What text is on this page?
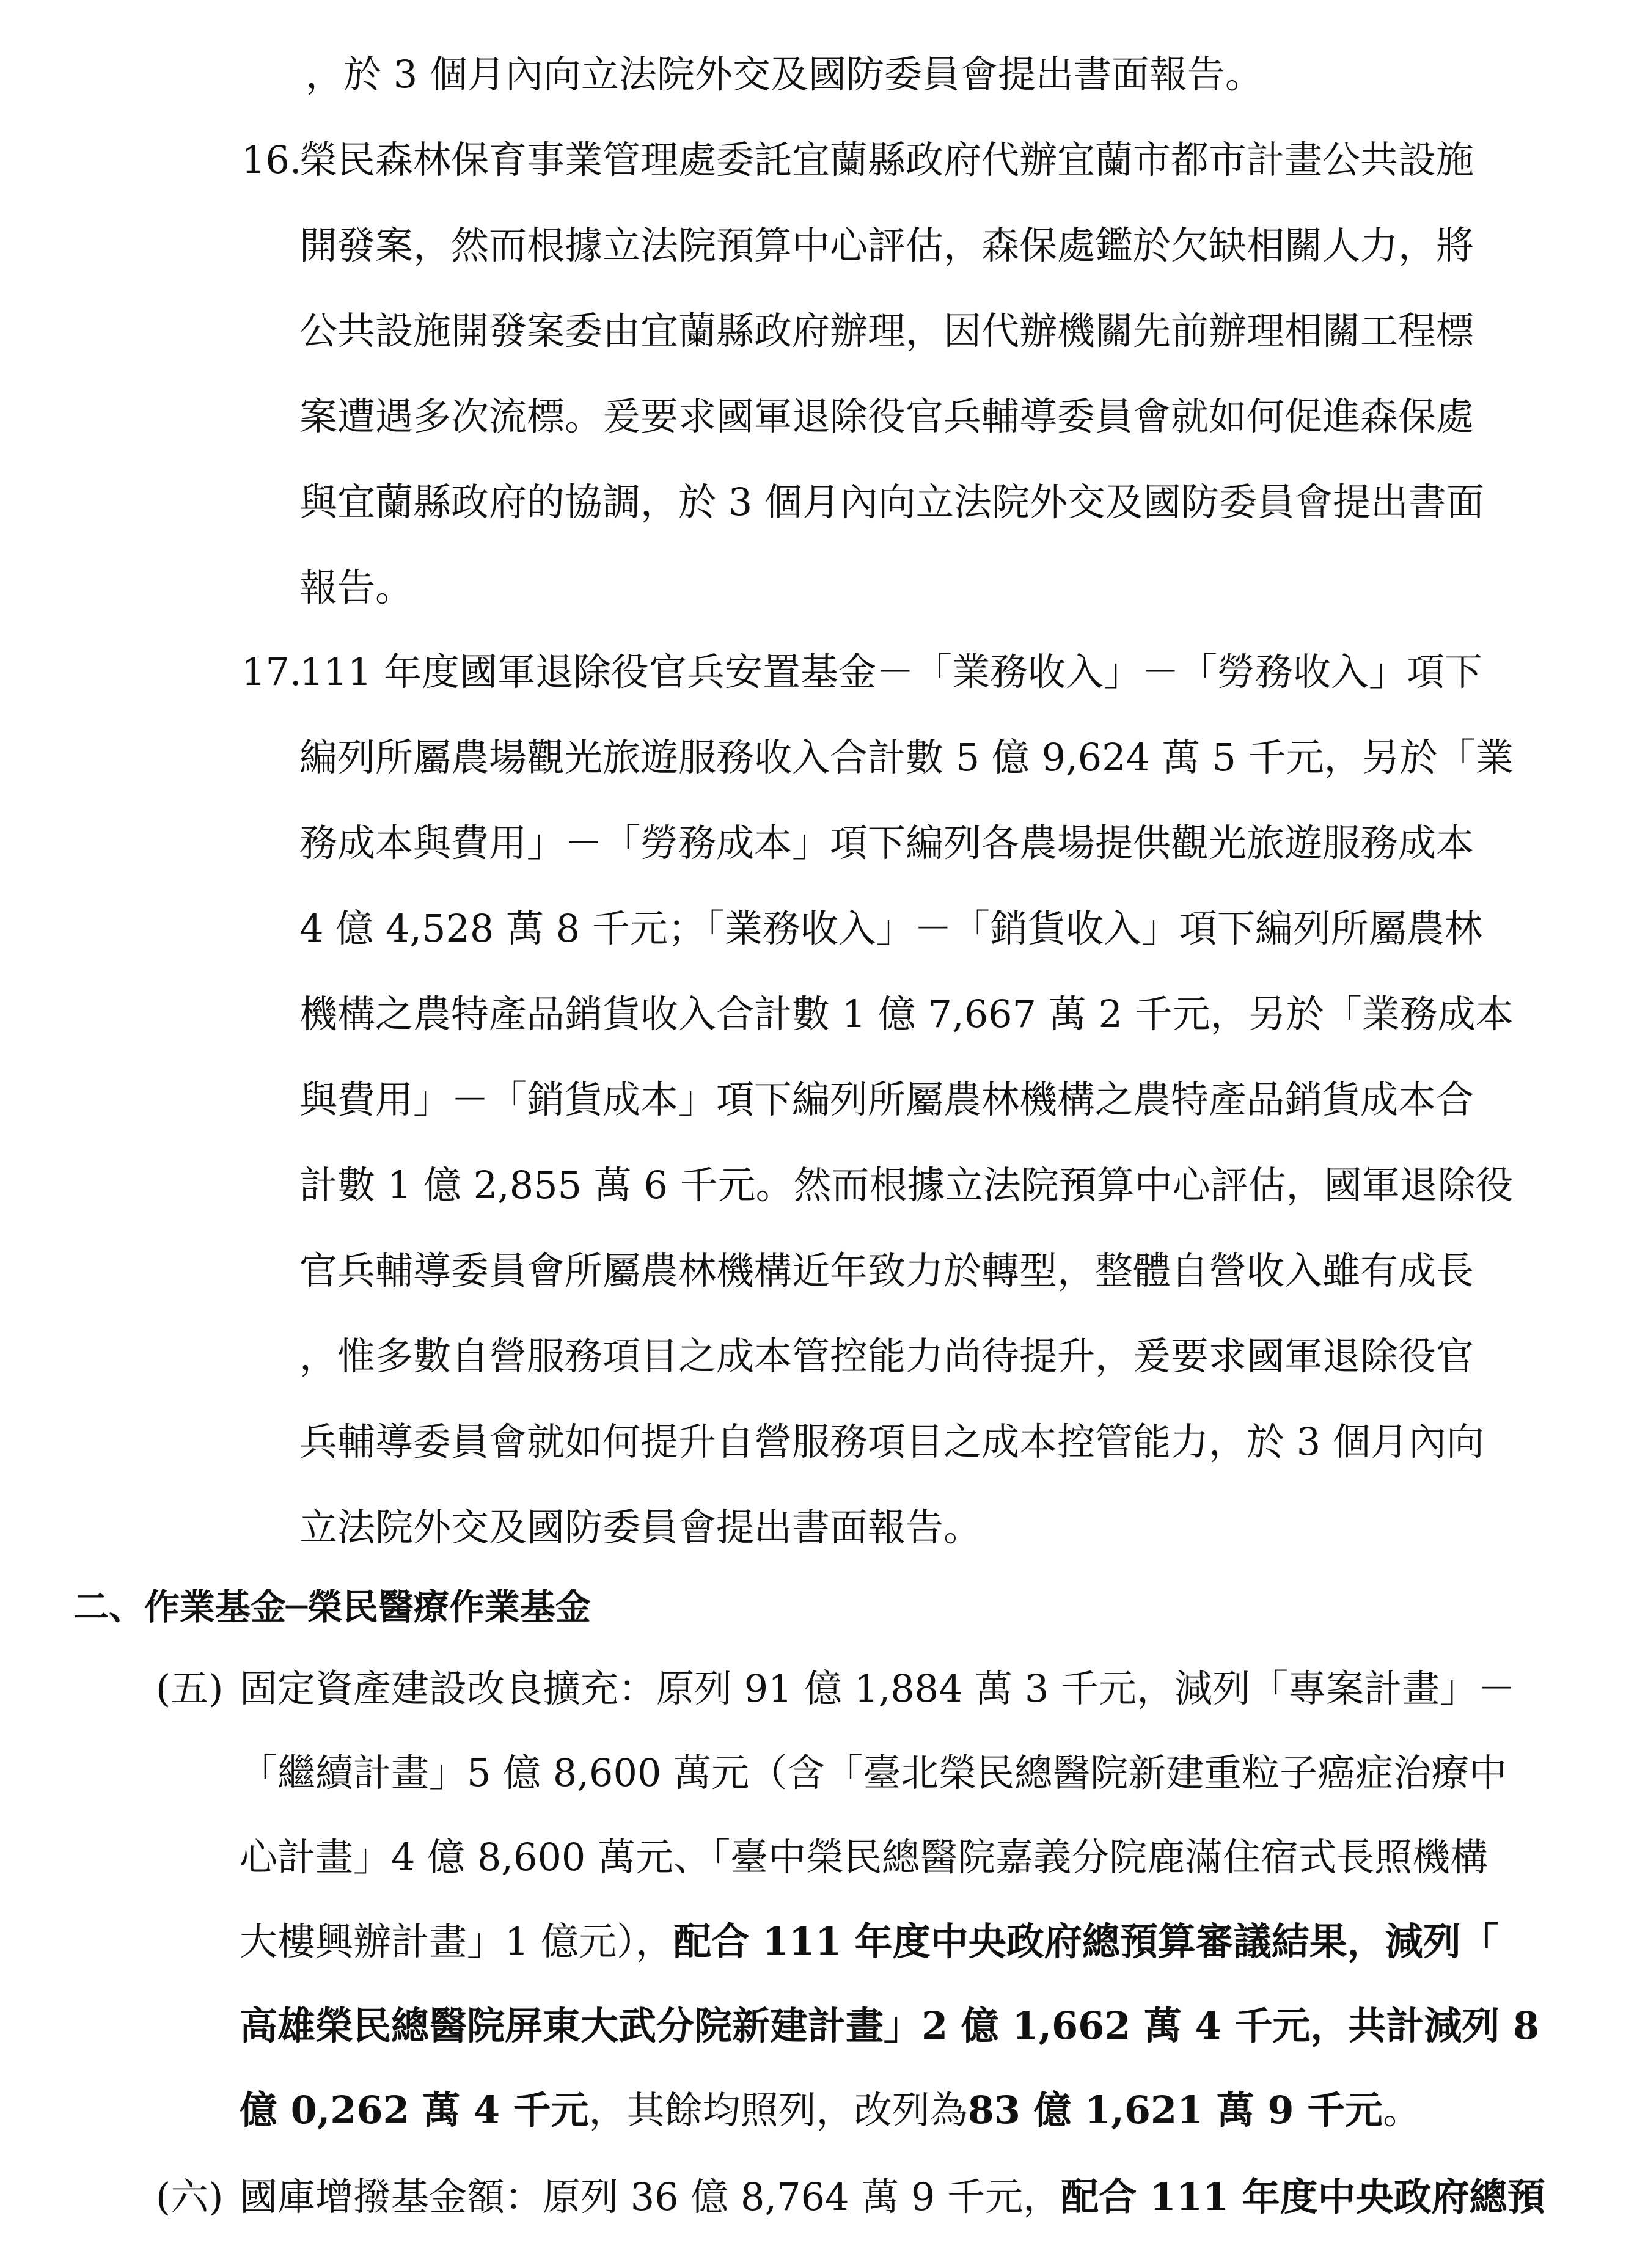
，於 3 個月內向立法院外交及國防委員會提出書面報告。
16.
榮民森林保育事業管理處委託宜蘭縣政府代辦宜蘭市都市計畫公共設施
開發案，然而根據立法院預算中心評估，森保處鑑於欠缺相關人力，將
公共設施開發案委由宜蘭縣政府辦理，因代辦機關先前辦理相關工程標
案遭遇多次流標。爰要求國軍退除役官兵輔導委員會就如何促進森保處
與宜蘭縣政府的協調，於 3 個月內向立法院外交及國防委員會提出書面
報告。
17.
111 年度國軍退除役官兵安置基金－「業務收入」－「勞務收入」項下
編列所屬農場觀光旅遊服務收入合計數 5 億 9,624 萬 5 千元，另於「業
務成本與費用」－「勞務成本」項下編列各農場提供觀光旅遊服務成本
4 億 4,528 萬 8 千元；「業務收入」－「銷貨收入」項下編列所屬農林
機構之農特產品銷貨收入合計數 1 億 7,667 萬 2 千元，另於「業務成本
與費用」－「銷貨成本」項下編列所屬農林機構之農特產品銷貨成本合
計數 1 億 2,855 萬 6 千元。然而根據立法院預算中心評估，國軍退除役
官兵輔導委員會所屬農林機構近年致力於轉型，整體自營收入雖有成長
，惟多數自營服務項目之成本管控能力尚待提升，爰要求國軍退除役官
兵輔導委員會就如何提升自營服務項目之成本控管能力，於 3 個月內向
立法院外交及國防委員會提出書面報告。
二、作業基金─榮民醫療作業基金
(五) 固定資產建設改良擴充：原列 91 億 1,884 萬 3 千元，減列「專案計畫」－
「繼續計畫」5 億 8,600 萬元（含「臺北榮民總醫院新建重粒子癌症治療中
心計畫」4 億 8,600 萬元、「臺中榮民總醫院嘉義分院鹿滿住宿式長照機構
大樓興辦計畫」1 億元），配合 111 年度中央政府總預算審議結果，減列「
高雄榮民總醫院屏東大武分院新建計畫」2 億 1,662 萬 4 千元，共計減列 8
億 0,262 萬 4 千元，其餘均照列，改列為83 億 1,621 萬 9 千元。
(六) 國庫增撥基金額：原列 36 億 8,764 萬 9 千元，配合 111 年度中央政府總預
